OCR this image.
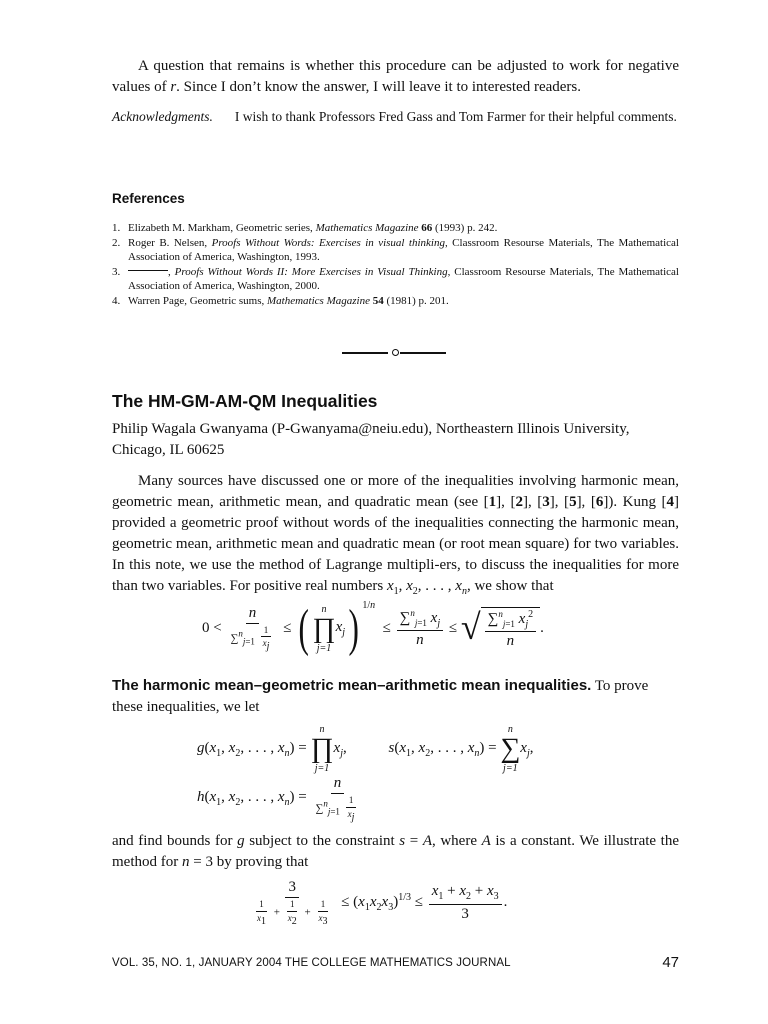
A question that remains is whether this procedure can be adjusted to work for negative values of r. Since I don’t know the answer, I will leave it to interested readers.

Acknowledgments. I wish to thank Professors Fred Gass and Tom Farmer for their helpful comments.

References
1. Elizabeth M. Markham, Geometric series, Mathematics Magazine 66 (1993) p. 242.
2. Roger B. Nelsen, Proofs Without Words: Exercises in visual thinking, Classroom Resourse Materials, The Mathematical Association of America, Washington, 1993.
3.	, Proofs Without Words II: More Exercises in Visual Thinking, Classroom Resourse Materials, The Mathematical Association of America, Washington, 2000.
4. Warren Page, Geometric sums, Mathematics Magazine 54 (1981) p. 201.
The HM-GM-AM-QM Inequalities

Philip Wagala Gwanyama (P-Gwanyama@neiu.edu), Northeastern Illinois University, Chicago, IL 60625

Many sources have discussed one or more of the inequalities involving harmonic mean, geometric mean, arithmetic mean, and quadratic mean (see [1], [2], [3], [5], [6]). Kung [4] provided a geometric proof without words of the inequalities connecting the harmonic mean, geometric mean, arithmetic mean and quadratic mean (or root mean square) for two variables. In this note, we use the method of Lagrange multipli-ers, to discuss the inequalities for more than two variables. For positive real numbers $x_1$, $x_2$, . . . , $x_n$, we show that

$0 < \frac{n}{\sum^n_{j=1} \frac{1}{x_j}}$ ≤ ( n
∏
j=1
$x_j$) $^{1/n} \le \frac{\sum^n_{j=1} x_j}{n}$ ≤ √ $\frac{\sum^n_{j=1} x_j^2}{n}$ .

The harmonic mean–geometric mean–arithmetic mean inequalities. To prove these inequalities, we let

$g(x_1$, $x_2$, . . . , $x_n$) =
n
∏
j=1
$x_j$,	$s(x_1$, $x_2$, . . . , $x_n$) =
n
∑
j=1
$x_j$,
$h(x_1$, $x_2$, . . . , $x_n) = \frac{n}{\sum^n_{j=1} \frac{1}{x_j}}$

and find bounds for g subject to the constraint s = A, where A is a constant. We illustrate the method for n = 3 by proving that

$\frac{3}{\frac{1}{x_1} + \frac{1}{x_2} + \frac{1}{x_3}} \le (x_1x_2x_3)^{1/3} \le \frac{x_1 + x_2 + x_3}{3}$ .
VOL. 35, NO. 1, JANUARY 2004 THE COLLEGE MATHEMATICS JOURNAL	47
